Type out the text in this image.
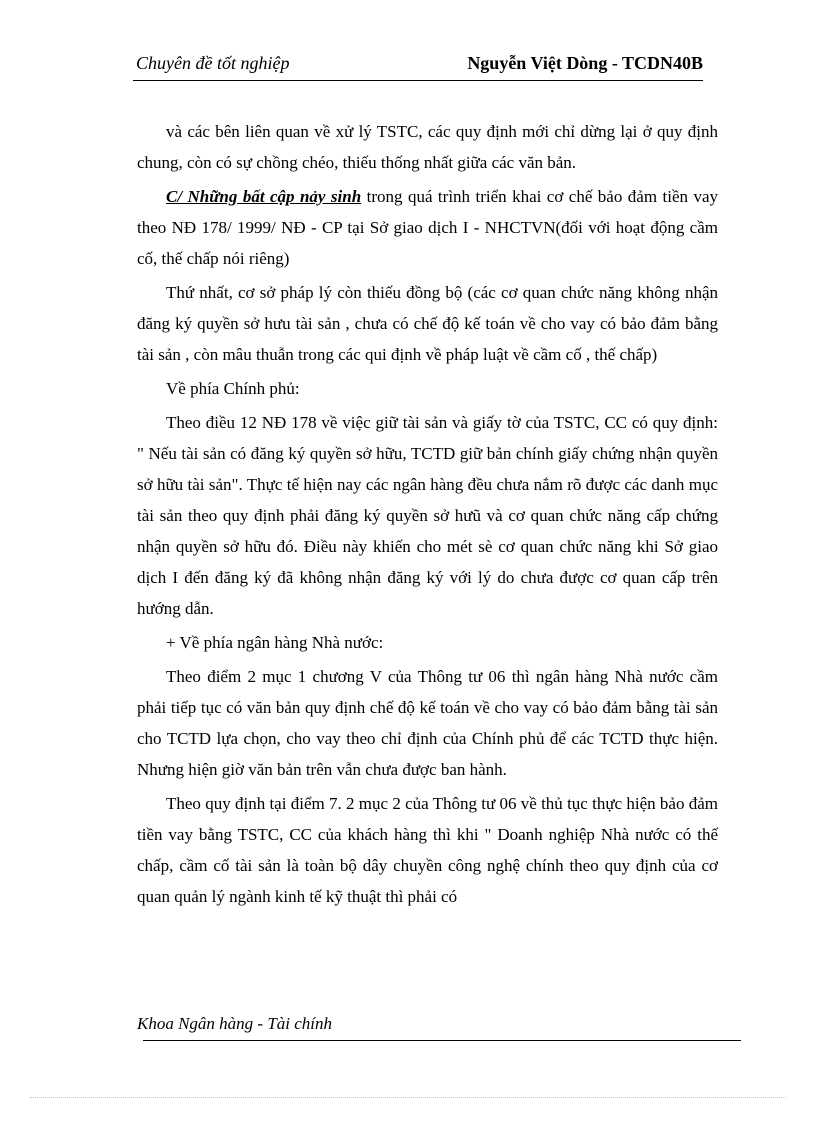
Chuyên đề tốt nghiệp	Nguyễn Việt Dòng - TCDN40B

và các bên liên quan về xử lý TSTC, các quy định mới chỉ dừng lại ở quy định chung, còn có sự chồng chéo, thiếu thống nhất giữa các văn bản.

C/ Những bất cập nảy sinh trong quá trình triển khai cơ chế bảo đảm tiền vay theo NĐ 178/ 1999/ NĐ - CP tại Sở giao dịch I - NHCTVN(đối với hoạt động cầm cố, thế chấp nói riêng)

Thứ nhất, cơ sở pháp lý còn thiếu đồng bộ (các cơ quan chức năng không nhận đăng ký quyền sở hưu tài sản , chưa có chế độ kế toán về cho vay có bảo đảm bằng tài sản , còn mâu thuẫn trong các qui định về pháp luật về cầm cố , thế chấp)

Về phía Chính phủ:

Theo điều 12 NĐ 178 về việc giữ tài sản và giấy tờ của TSTC, CC có quy định: " Nếu tài sản có đăng ký quyền sở hữu, TCTD giữ bản chính giấy chứng nhận quyền sở hữu tài sản". Thực tế hiện nay các ngân hàng đều chưa nắm rõ được các danh mục tài sản theo quy định phải đăng ký quyền sở hưũ và cơ quan chức năng cấp chứng nhận quyền sở hữu đó. Điều này khiến cho mét sè cơ quan chức năng khi Sở giao dịch I đến đăng ký đã không nhận đăng ký với lý do chưa được cơ quan cấp trên hướng dẫn.

+ Về phía ngân hàng Nhà nước:

Theo điểm 2 mục 1 chương V của Thông tư 06 thì ngân hàng Nhà nước cầm phải tiếp tục có văn bản quy định chế độ kế toán về cho vay có bảo đảm bằng tài sản cho TCTD lựa chọn, cho vay theo chỉ định của Chính phủ để các TCTD thực hiện. Nhưng hiện giờ văn bản trên vẫn chưa được ban hành.

Theo quy định tại điểm 7. 2 mục 2 của Thông tư 06 về thủ tục thực hiện bảo đảm tiền vay bằng TSTC, CC của khách hàng thì khi " Doanh nghiệp Nhà nước có thế chấp, cầm cố tài sản là toàn bộ dây chuyền công nghệ chính theo quy định của cơ quan quản lý ngành kinh tế kỹ thuật thì phải có

Khoa Ngân hàng - Tài chính
